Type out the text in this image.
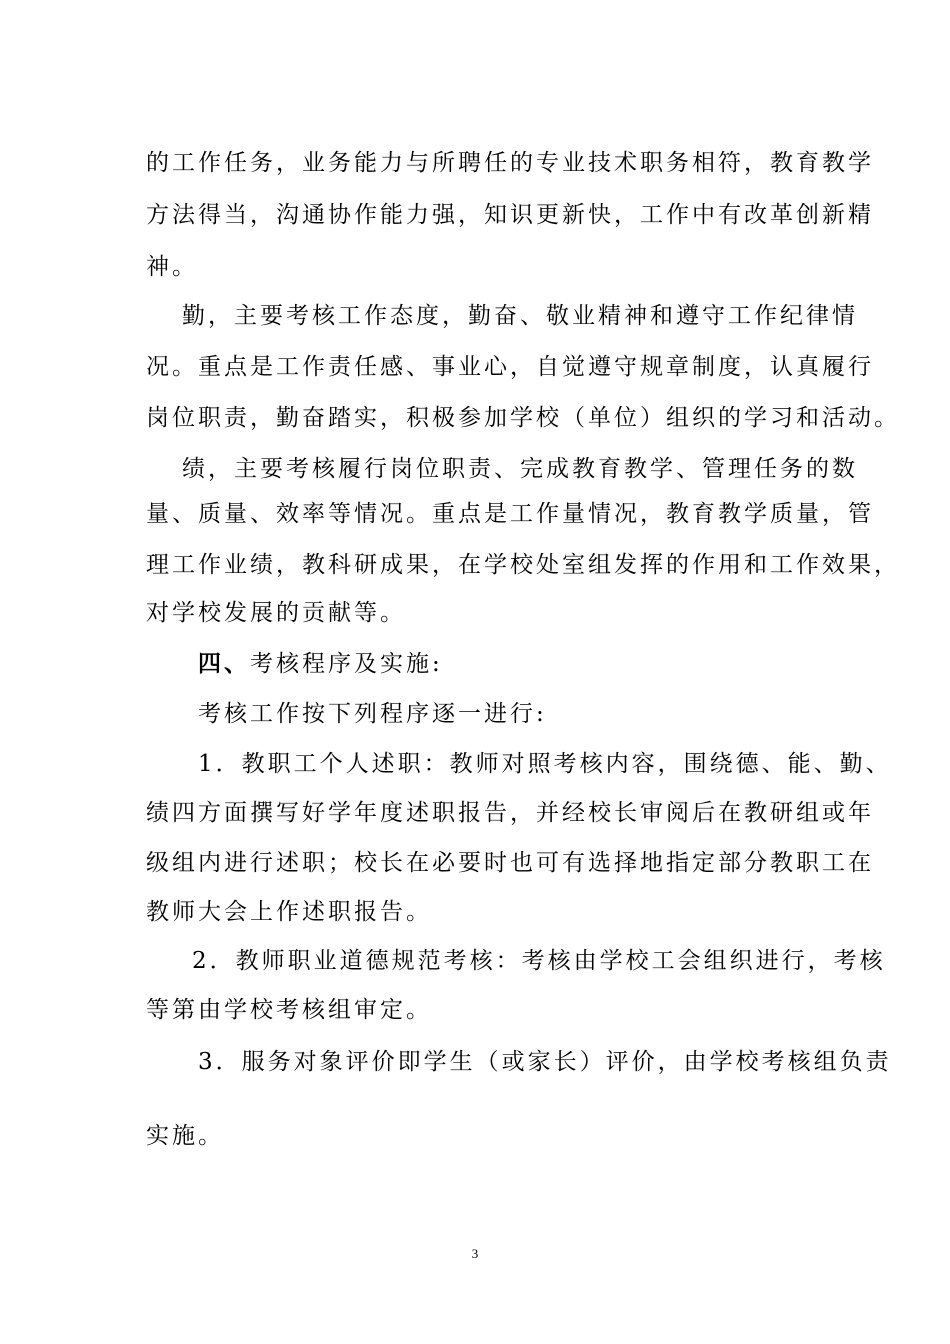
的工作任务，业务能力与所聘任的专业技术职务相符，教育教学
方法得当，沟通协作能力强，知识更新快，工作中有改革创新精
神。
勤，主要考核工作态度，勤奋、敬业精神和遵守工作纪律情
况。重点是工作责任感、事业心，自觉遵守规章制度，认真履行
岗位职责，勤奋踏实，积极参加学校（单位）组织的学习和活动。
绩，主要考核履行岗位职责、完成教育教学、管理任务的数
量、质量、效率等情况。重点是工作量情况，教育教学质量，管
理工作业绩，教科研成果，在学校处室组发挥的作用和工作效果，
对学校发展的贡献等。
四、考核程序及实施:
考核工作按下列程序逐一进行:
1．教职工个人述职：教师对照考核内容，围绕德、能、勤、
绩四方面撰写好学年度述职报告，并经校长审阅后在教研组或年
级组内进行述职；校长在必要时也可有选择地指定部分教职工在
教师大会上作述职报告。
2．教师职业道德规范考核：考核由学校工会组织进行，考核
等第由学校考核组审定。
3．服务对象评价即学生（或家长）评价，由学校考核组负责
实施。
3
